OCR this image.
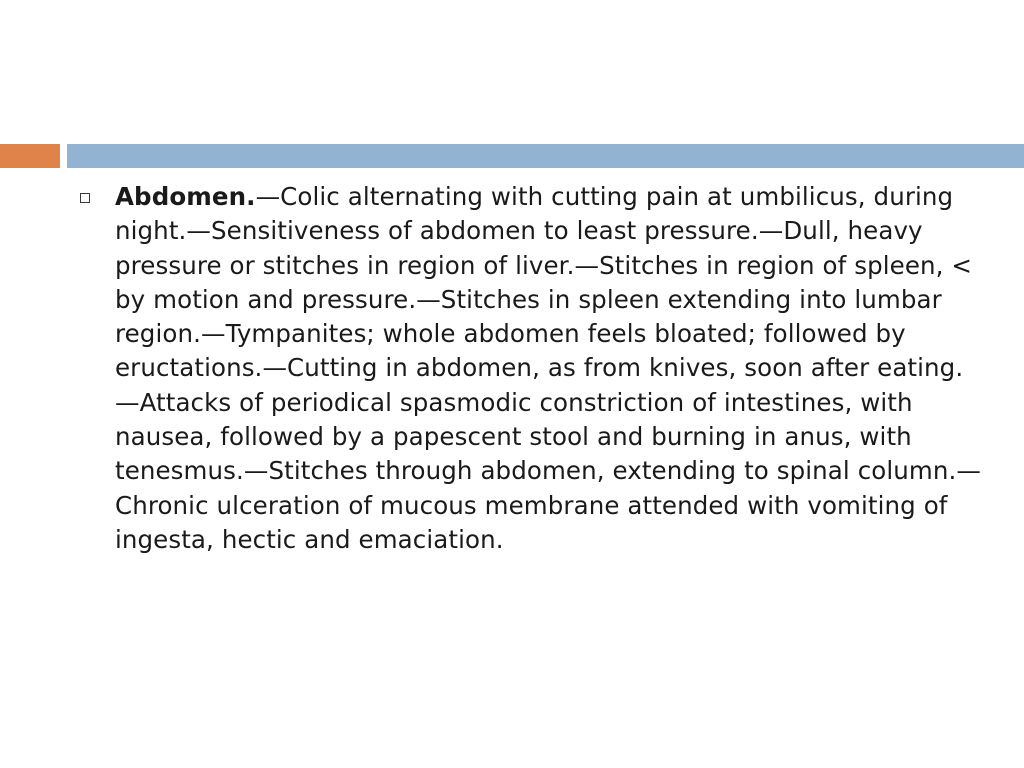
Abdomen.—Colic alternating with cutting pain at umbilicus, during night.—Sensitiveness of abdomen to least pressure.—Dull, heavy pressure or stitches in region of liver.—Stitches in region of spleen, < by motion and pressure.—Stitches in spleen extending into lumbar region.—Tympanites; whole abdomen feels bloated; followed by eructations.—Cutting in abdomen, as from knives, soon after eating.—Attacks of periodical spasmodic constriction of intestines, with nausea, followed by a papescent stool and burning in anus, with tenesmus.—Stitches through abdomen, extending to spinal column.—Chronic ulceration of mucous membrane attended with vomiting of ingesta, hectic and emaciation.
